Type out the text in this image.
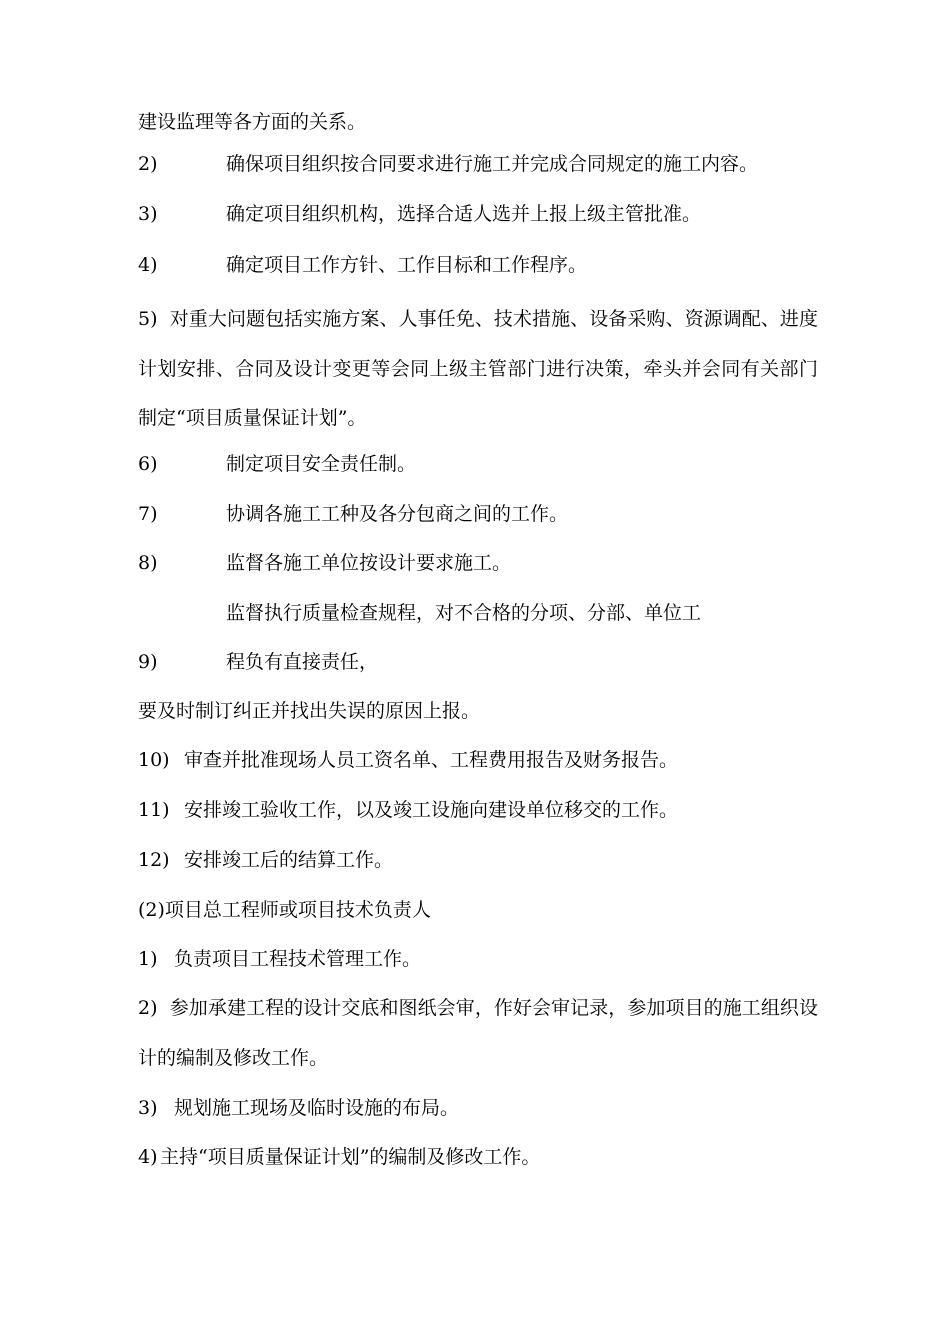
建设监理等各方面的关系。
2)	确保项目组织按合同要求进行施工并完成合同规定的施工内容。
3)	确定项目组织机构，选择合适人选并上报上级主管批准。
4)	确定项目工作方针、工作目标和工作程序。
5) 对重大问题包括实施方案、人事任免、技术措施、设备采购、资源调配、进度计划安排、合同及设计变更等会同上级主管部门进行决策，牵头并会同有关部门制定“项目质量保证计划”。
6)	制定项目安全责任制。
7)	协调各施工工种及各分包商之间的工作。
8)	监督各施工单位按设计要求施工。
监督执行质量检查规程，对不合格的分项、分部、单位工
9)	程负有直接责任，
要及时制订纠正并找出失误的原因上报。
10) 审查并批准现场人员工资名单、工程费用报告及财务报告。
11) 安排竣工验收工作，以及竣工设施向建设单位移交的工作。
12) 安排竣工后的结算工作。
(2)项目总工程师或项目技术负责人
1) 负责项目工程技术管理工作。
2) 参加承建工程的设计交底和图纸会审，作好会审记录，参加项目的施工组织设计的编制及修改工作。
3) 规划施工现场及临时设施的布局。
4) 主持“项目质量保证计划”的编制及修改工作。
